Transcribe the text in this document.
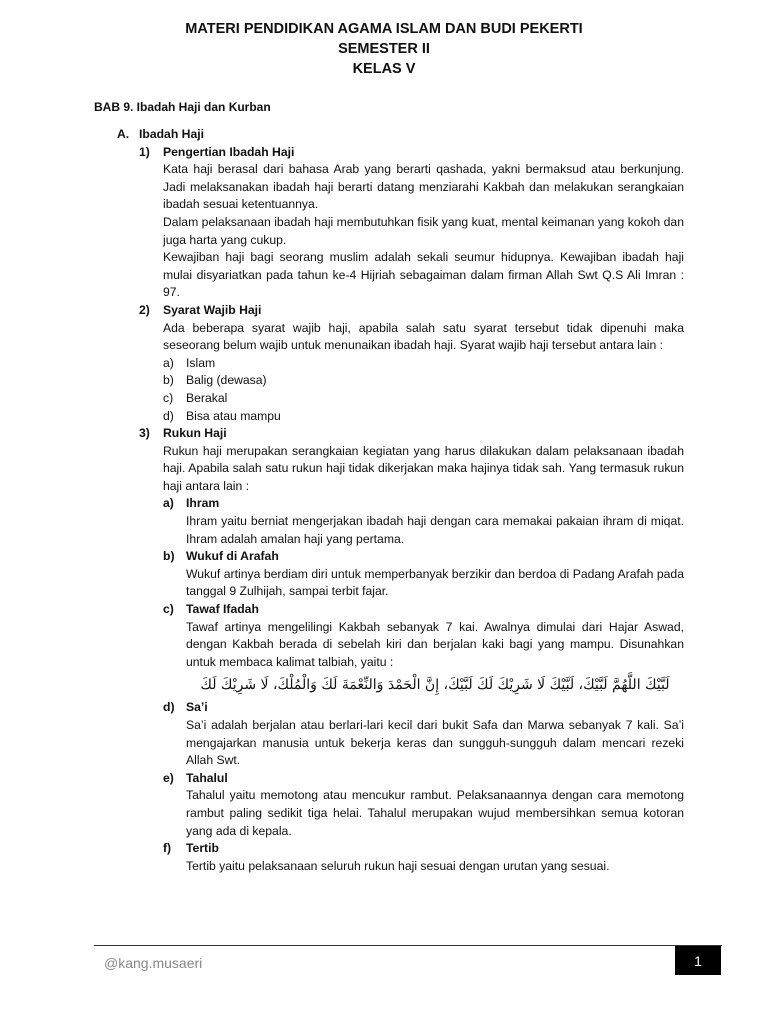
MATERI PENDIDIKAN AGAMA ISLAM DAN BUDI PEKERTI
SEMESTER II
KELAS V
BAB 9. Ibadah Haji dan Kurban
A. Ibadah Haji
1)	Pengertian Ibadah Haji
Kata haji berasal dari bahasa Arab yang berarti qashada, yakni bermaksud atau berkunjung. Jadi melaksanakan ibadah haji berarti datang menziarahi Kakbah dan melakukan serangkaian ibadah sesuai ketentuannya.
Dalam pelaksanaan ibadah haji membutuhkan fisik yang kuat, mental keimanan yang kokoh dan juga harta yang cukup.
Kewajiban haji bagi seorang muslim adalah sekali seumur hidupnya. Kewajiban ibadah haji mulai disyariatkan pada tahun ke-4 Hijriah sebagaiman dalam firman Allah Swt Q.S Ali Imran : 97.
2)	Syarat Wajib Haji
Ada beberapa syarat wajib haji, apabila salah satu syarat tersebut tidak dipenuhi maka seseorang belum wajib untuk menunaikan ibadah haji. Syarat wajib haji tersebut antara lain :
a) Islam
b) Balig (dewasa)
c)	Berakal
d) Bisa atau mampu
3)	Rukun Haji
Rukun haji merupakan serangkaian kegiatan yang harus dilakukan dalam pelaksanaan ibadah haji. Apabila salah satu rukun haji tidak dikerjakan maka hajinya tidak sah. Yang termasuk rukun haji antara lain :
a) Ihram
Ihram yaitu berniat mengerjakan ibadah haji dengan cara memakai pakaian ihram di miqat. Ihram adalah amalan haji yang pertama.
b) Wukuf di Arafah
Wukuf artinya berdiam diri untuk memperbanyak berzikir dan berdoa di Padang Arafah pada tanggal 9 Zulhijah, sampai terbit fajar.
c) Tawaf Ifadah
Tawaf artinya mengelilingi Kakbah sebanyak 7 kai. Awalnya dimulai dari Hajar Aswad, dengan Kakbah berada di sebelah kiri dan berjalan kaki bagi yang mampu. Disunahkan untuk membaca kalimat talbiah, yaitu :
لَبَّيْكَ اللَّهُمَّ لَبَّيْكَ، لَبَّيْكَ لَا شَرِيْكَ لَكَ لَبَّيْكَ، إِنَّ الْحَمْدَ وَالنِّعْمَةَ لَكَ وَالْمُلْكَ، لَا شَرِيْكَ لَكَ
d) Sa’i
Sa’i adalah berjalan atau berlari-lari kecil dari bukit Safa dan Marwa sebanyak 7 kali. Sa’i mengajarkan manusia untuk bekerja keras dan sungguh-sungguh dalam mencari rezeki Allah Swt.
e) Tahalul
Tahalul yaitu memotong atau mencukur rambut. Pelaksanaannya dengan cara memotong rambut paling sedikit tiga helai. Tahalul merupakan wujud membersihkan semua kotoran yang ada di kepala.
f)	Tertib
Tertib yaitu pelaksanaan seluruh rukun haji sesuai dengan urutan yang sesuai.
@kang.musaeri	1
